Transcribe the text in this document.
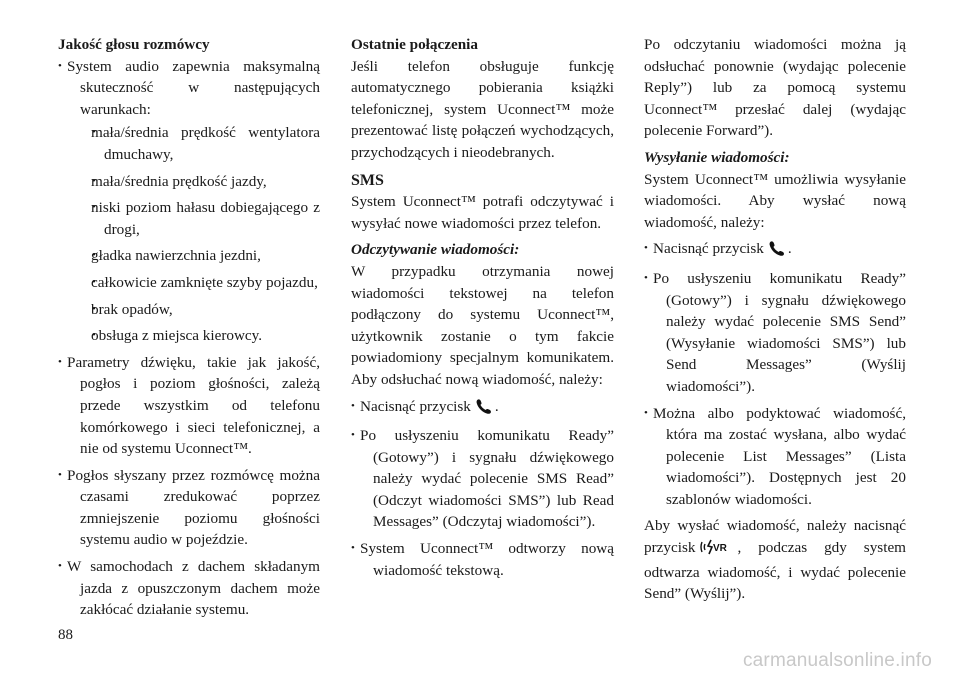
Jakość głosu rozmówcy

• System audio zapewnia maksymalną skuteczność w następujących warunkach:
• mała/średnia prędkość wentylatora dmuchawy,
• mała/średnia prędkość jazdy,
• niski poziom hałasu dobiegającego z drogi,
• gładka nawierzchnia jezdni,
• całkowicie zamknięte szyby pojazdu,
• brak opadów,
• obsługa z miejsca kierowcy.
• Parametry dźwięku, takie jak jakość, pogłos i poziom głośności, zależą przede wszystkim od telefonu komórkowego i sieci telefonicznej, a nie od systemu Uconnect™.
• Pogłos słyszany przez rozmówcę można czasami zredukować poprzez zmniejszenie poziomu głośności systemu audio w pojeździe.
• W samochodach z dachem składanym jazda z opuszczonym dachem może zakłócać działanie systemu.

Ostatnie połączenia

Jeśli telefon obsługuje funkcję automatycznego pobierania książki telefonicznej, system Uconnect™ może prezentować listę połączeń wychodzących, przychodzących i nieodebranych.

SMS

System Uconnect™ potrafi odczytywać i wysyłać nowe wiadomości przez telefon.

Odczytywanie wiadomości:

W przypadku otrzymania nowej wiadomości tekstowej na telefon podłączony do systemu Uconnect™, użytkownik zostanie o tym fakcie powiadomiony specjalnym komunikatem. Aby odsłuchać nową wiadomość, należy:

• Nacisnąć przycisk .
• Po usłyszeniu komunikatu Ready” (Gotowy”) i sygnału dźwiękowego należy wydać polecenie SMS Read” (Odczyt wiadomości SMS”) lub Read Messages” (Odczytaj wiadomości”).
• System Uconnect™ odtworzy nową wiadomość tekstową.

Po odczytaniu wiadomości można ją odsłuchać ponownie (wydając polecenie Reply”) lub za pomocą systemu Uconnect™ przesłać dalej (wydając polecenie Forward”).

Wysyłanie wiadomości:

System Uconnect™ umożliwia wysyłanie wiadomości. Aby wysłać nową wiadomość, należy:

• Nacisnąć przycisk .
• Po usłyszeniu komunikatu Ready” (Gotowy”) i sygnału dźwiękowego należy wydać polecenie SMS Send” (Wysyłanie wiadomości SMS”) lub Send Messages” (Wyślij wiadomości”).
• Można albo podyktować wiadomość, która ma zostać wysłana, albo wydać polecenie List Messages” (Lista wiadomości”). Dostępnych jest 20 szablonów wiadomości.

Aby wysłać wiadomość, należy nacisnąć przycisk VR , podczas gdy system odtwarza wiadomość, i wydać polecenie Send” (Wyślij”).

88
carmanualsonline.info
